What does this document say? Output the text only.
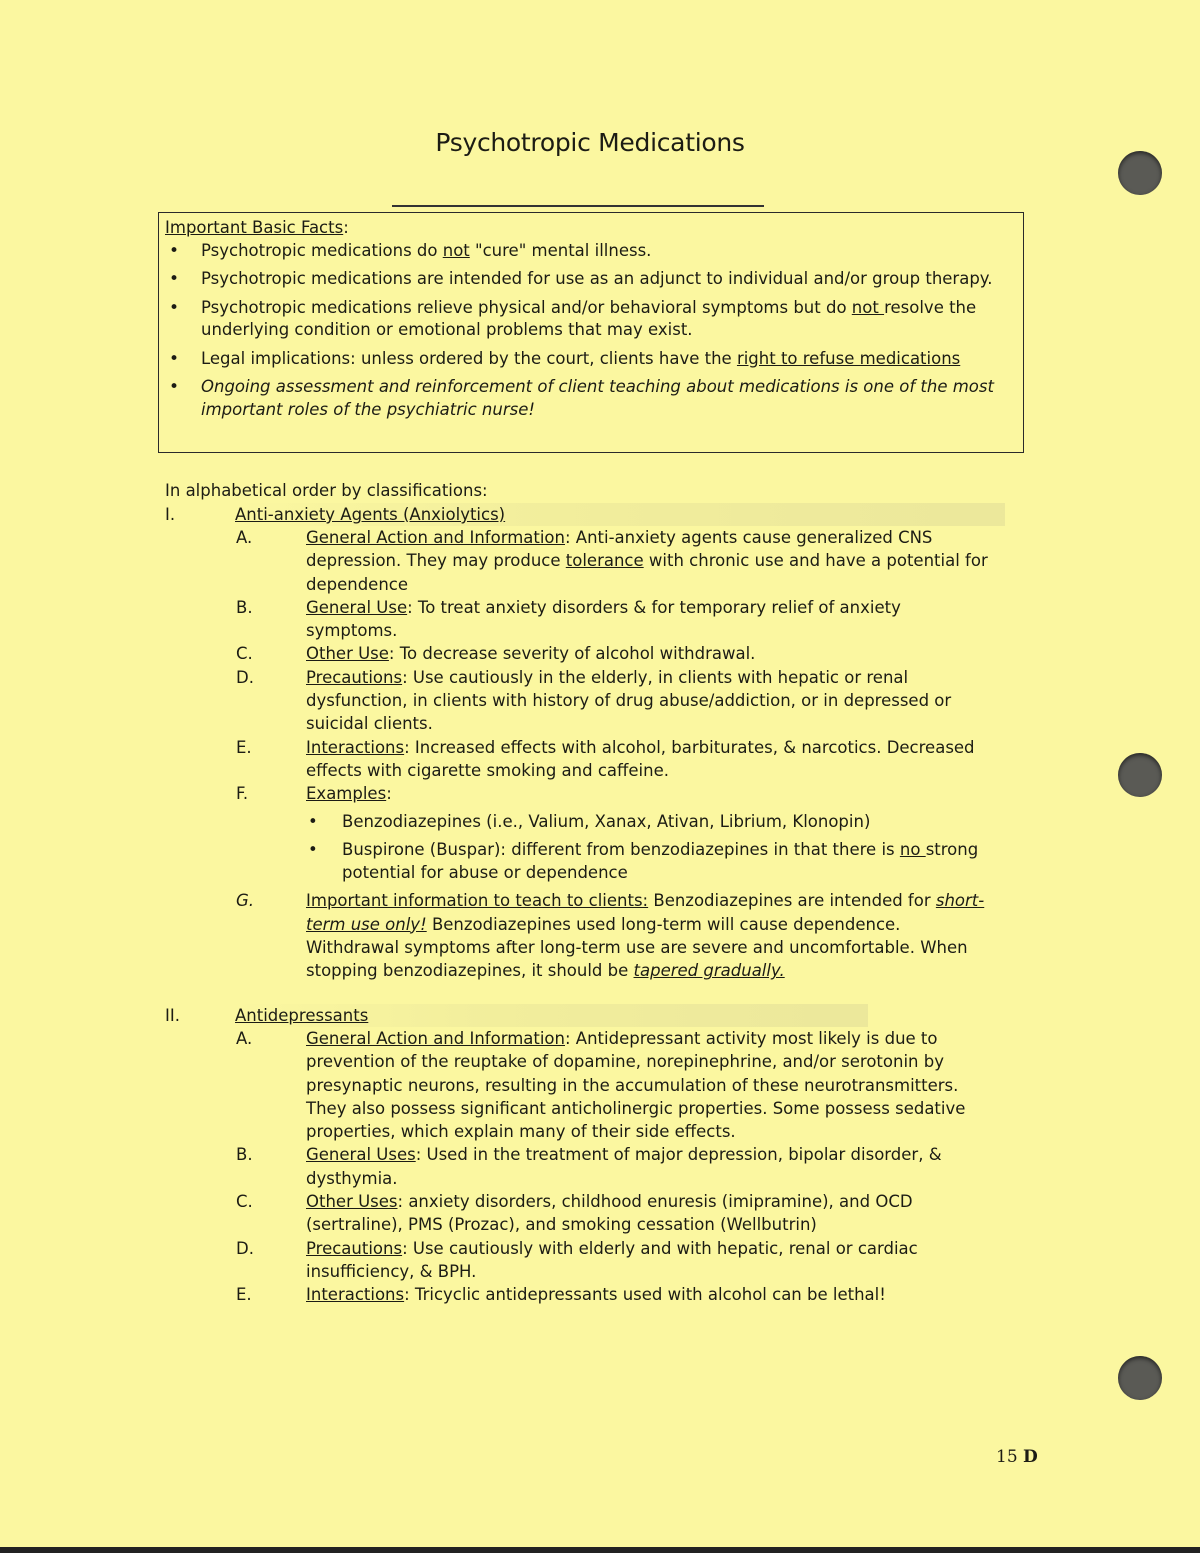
Psychotropic Medications
Important Basic Facts:
• Psychotropic medications do not "cure" mental illness.
• Psychotropic medications are intended for use as an adjunct to individual and/or group therapy.
• Psychotropic medications relieve physical and/or behavioral symptoms but do not resolve the underlying condition or emotional problems that may exist.
• Legal implications: unless ordered by the court, clients have the right to refuse medications
• Ongoing assessment and reinforcement of client teaching about medications is one of the most important roles of the psychiatric nurse!
In alphabetical order by classifications:
I.	Anti-anxiety Agents (Anxiolytics)
A.	General Action and Information: Anti-anxiety agents cause generalized CNS depression. They may produce tolerance with chronic use and have a potential for dependence
B.	General Use: To treat anxiety disorders & for temporary relief of anxiety symptoms.
C.	Other Use: To decrease severity of alcohol withdrawal.
D.	Precautions: Use cautiously in the elderly, in clients with hepatic or renal dysfunction, in clients with history of drug abuse/addiction, or in depressed or suicidal clients.
E.	Interactions: Increased effects with alcohol, barbiturates, & narcotics. Decreased effects with cigarette smoking and caffeine.
F.	Examples:
• Benzodiazepines (i.e., Valium, Xanax, Ativan, Librium, Klonopin)
• Buspirone (Buspar): different from benzodiazepines in that there is no strong potential for abuse or dependence
G.	Important information to teach to clients: Benzodiazepines are intended for short-term use only! Benzodiazepines used long-term will cause dependence. Withdrawal symptoms after long-term use are severe and uncomfortable. When stopping benzodiazepines, it should be tapered gradually.
II.	Antidepressants
A.	General Action and Information: Antidepressant activity most likely is due to prevention of the reuptake of dopamine, norepinephrine, and/or serotonin by presynaptic neurons, resulting in the accumulation of these neurotransmitters. They also possess significant anticholinergic properties. Some possess sedative properties, which explain many of their side effects.
B.	General Uses: Used in the treatment of major depression, bipolar disorder, & dysthymia.
C.	Other Uses: anxiety disorders, childhood enuresis (imipramine), and OCD (sertraline), PMS (Prozac), and smoking cessation (Wellbutrin)
D.	Precautions: Use cautiously with elderly and with hepatic, renal or cardiac insufficiency, & BPH.
E.	Interactions: Tricyclic antidepressants used with alcohol can be lethal!
15 D
